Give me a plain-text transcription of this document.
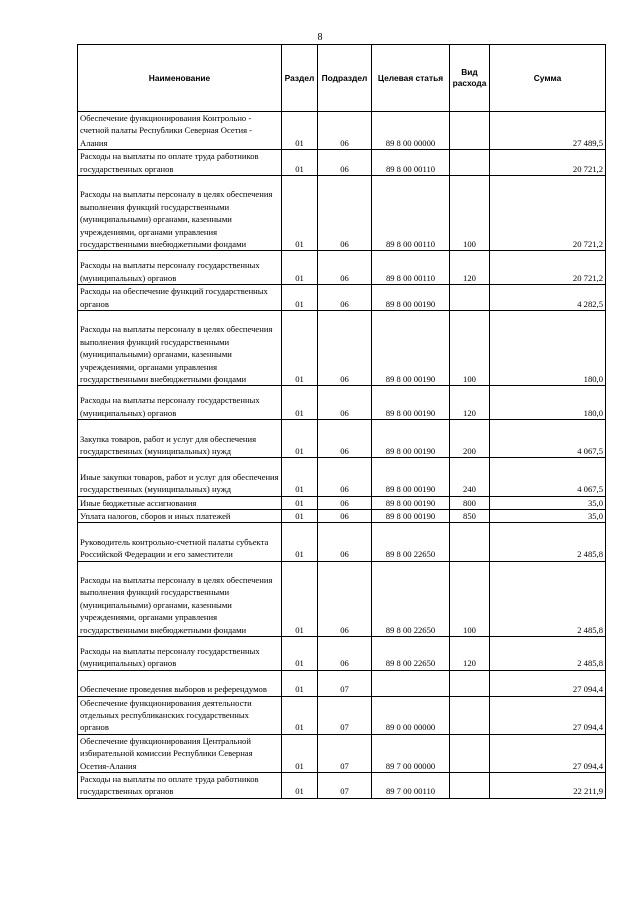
8
Наименование	Раздел	Подраздел	Целевая статья	Вид расхода	Сумма
Обеспечение функционирования Контрольно - счетной палаты Республики Северная Осетия - Алания	01	06	89 8 00 00000		27 489,5
Расходы на выплаты по оплате труда работников государственных органов	01	06	89 8 00 00110		20 721,2
Расходы на выплаты персоналу в целях обеспечения выполнения функций государственными (муниципальными) органами, казенными учреждениями, органами управления государственными внебюджетными фондами	01	06	89 8 00 00110	100	20 721,2
Расходы на выплаты персоналу государственных (муниципальных) органов	01	06	89 8 00 00110	120	20 721,2
Расходы на обеспечение функций государственных органов	01	06	89 8 00 00190		4 282,5
Расходы на выплаты персоналу в целях обеспечения выполнения функций государственными (муниципальными) органами, казенными учреждениями, органами управления государственными внебюджетными фондами	01	06	89 8 00 00190	100	180,0
Расходы на выплаты персоналу государственных (муниципальных) органов	01	06	89 8 00 00190	120	180,0
Закупка товаров, работ и услуг для обеспечения государственных (муниципальных) нужд	01	06	89 8 00 00190	200	4 067,5
Иные закупки товаров, работ и услуг для обеспечения государственных (муниципальных) нужд	01	06	89 8 00 00190	240	4 067,5
Иные бюджетные ассигнования	01	06	89 8 00 00190	800	35,0
Уплата налогов, сборов и иных платежей	01	06	89 8 00 00190	850	35,0
Руководитель контрольно-счетной палаты субъекта Российской Федерации и его заместители	01	06	89 8 00 22650		2 485,8
Расходы на выплаты персоналу в целях обеспечения выполнения функций государственными (муниципальными) органами, казенными учреждениями, органами управления государственными внебюджетными фондами	01	06	89 8 00 22650	100	2 485,8
Расходы на выплаты персоналу государственных (муниципальных) органов	01	06	89 8 00 22650	120	2 485,8
Обеспечение проведения выборов и референдумов	01	07			27 094,4
Обеспечение функционирования деятельности отдельных республиканских государственных органов	01	07	89 0 00 00000		27 094,4
Обеспечение функционирования Центральной избирательной комиссии Республики Северная Осетия-Алания	01	07	89 7 00 00000		27 094,4
Расходы на выплаты по оплате труда работников государственных органов	01	07	89 7 00 00110		22 211,9
